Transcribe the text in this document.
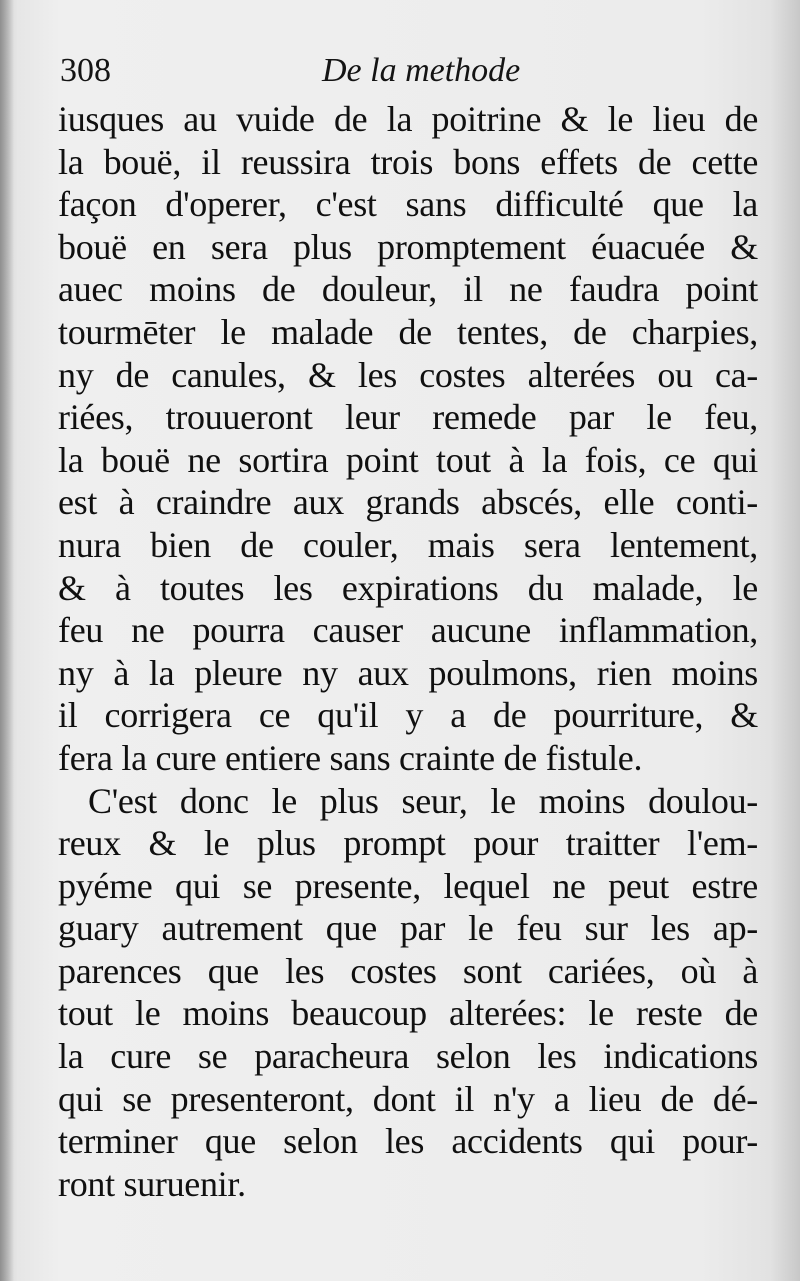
308	De la methode
iusques au vuide de la poitrine & le lieu de
la bouë, il reussira trois bons effets de cette
façon d'operer, c'est sans difficulté que la
bouë en sera plus promptement éuacuée &
auec moins de douleur, il ne faudra point
tourmēter le malade de tentes, de charpies,
ny de canules, & les costes alterées ou ca-
riées, trouueront leur remede par le feu,
la bouë ne sortira point tout à la fois, ce qui
est à craindre aux grands abscés, elle conti-
nura bien de couler, mais sera lentement,
& à toutes les expirations du malade, le
feu ne pourra causer aucune inflammation,
ny à la pleure ny aux poulmons, rien moins
il corrigera ce qu'il y a de pourriture, &
fera la cure entiere sans crainte de fistule.
C'est donc le plus seur, le moins doulou-
reux & le plus prompt pour traitter l'em-
pyéme qui se presente, lequel ne peut estre
guary autrement que par le feu sur les ap-
parences que les costes sont cariées, où à
tout le moins beaucoup alterées: le reste de
la cure se paracheura selon les indications
qui se presenteront, dont il n'y a lieu de dé-
terminer que selon les accidents qui pour-
ront suruenir.
